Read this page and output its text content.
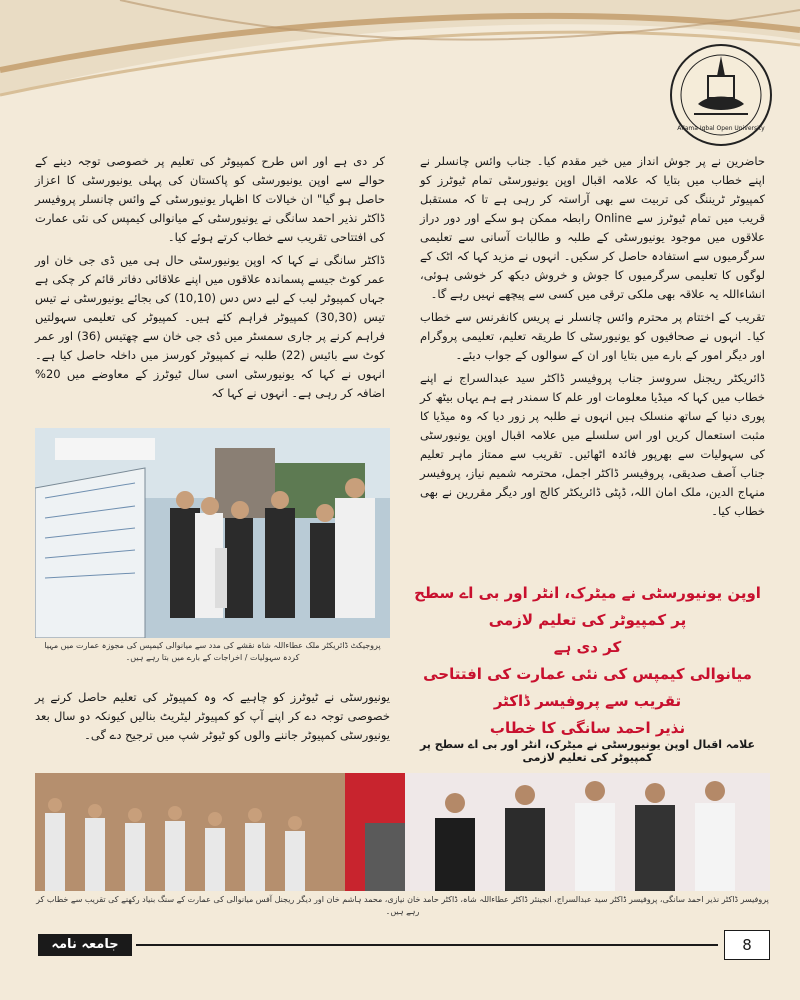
Allama Iqbal Open University

حاضرین نے پر جوش انداز میں خیر مقدم کیا۔ جناب وائس چانسلر نے اپنے خطاب میں بتایا کہ علامہ اقبال اوپن یونیورسٹی تمام ٹیوٹرز کو کمپیوٹر ٹریننگ کی تربیت سے بھی آراستہ کر رہی ہے تا کہ مستقبل قریب میں تمام ٹیوٹرز سے Online رابطہ ممکن ہو سکے اور دور دراز علاقوں میں موجود یونیورسٹی کے طلبہ و طالبات آسانی سے تعلیمی سرگرمیوں سے استفادہ حاصل کر سکیں۔ انہوں نے مزید کہا کہ اٹک کے لوگوں کا تعلیمی سرگرمیوں کا جوش و خروش دیکھ کر خوشی ہوئی، انشاءاللہ یہ علاقہ بھی ملکی ترقی میں کسی سے پیچھے نہیں رہے گا۔

تقریب کے اختتام پر محترم وائس چانسلر نے پریس کانفرنس سے خطاب کیا۔ انہوں نے صحافیوں کو یونیورسٹی کا طریقہ تعلیم، تعلیمی پروگرام اور دیگر امور کے بارے میں بتایا اور ان کے سوالوں کے جواب دیئے۔

ڈائریکٹر ریجنل سروسز جناب پروفیسر ڈاکٹر سید عبدالسراج نے اپنے خطاب میں کہا کہ میڈیا معلومات اور علم کا سمندر ہے ہم یہاں بیٹھ کر پوری دنیا کے ساتھ منسلک ہیں انہوں نے طلبہ پر زور دیا کہ وہ میڈیا کا مثبت استعمال کریں اور اس سلسلے میں علامہ اقبال اوپن یونیورسٹی کی سہولیات سے بھرپور فائدہ اٹھائیں۔ تقریب سے ممتاز ماہر تعلیم جناب آصف صدیقی، پروفیسر ڈاکٹر اجمل، محترمہ شمیم نیاز، پروفیسر منہاج الدین، ملک امان اللہ، ڈپٹی ڈائریکٹر کالج اور دیگر مقررین نے بھی خطاب کیا۔

کر دی ہے اور اس طرح کمپیوٹر کی تعلیم پر خصوصی توجہ دینے کے حوالے سے اوپن یونیورسٹی کو پاکستان کی پہلی یونیورسٹی کا اعزاز حاصل ہو گیا" ان خیالات کا اظہار یونیورسٹی کے وائس چانسلر پروفیسر ڈاکٹر نذیر احمد سانگی نے یونیورسٹی کے میانوالی کیمپس کی نئی عمارت کی افتتاحی تقریب سے خطاب کرتے ہوئے کیا۔

ڈاکٹر سانگی نے کہا کہ اوپن یونیورسٹی حال ہی میں ڈی جی خان اور عمر کوٹ جیسے پسماندہ علاقوں میں اپنے علاقائی دفاتر قائم کر چکی ہے جہاں کمپیوٹر لیب کے لیے دس دس (10,10) کی بجائے یونیورسٹی نے تیس تیس (30,30) کمپیوٹر فراہم کئے ہیں۔ کمپیوٹر کی تعلیمی سہولتیں فراہم کرنے پر جاری سمسٹر میں ڈی جی خان سے چھتیس (36) اور عمر کوٹ سے بائیس (22) طلبہ نے کمپیوٹر کورسز میں داخلہ حاصل کیا ہے۔ انہوں نے کہا کہ یونیورسٹی اسی سال ٹیوٹرز کے معاوضے میں 20% اضافہ کر رہی ہے۔ انہوں نے کہا کہ

پروجیکٹ ڈائریکٹر ملک عطاءاللہ شاہ نقشے کی مدد سے میانوالی کیمپس کی مجوزہ عمارت میں مہیا کردہ سہولیات / اخراجات کے بارے میں بتا رہے ہیں۔
یونیورسٹی نے ٹیوٹرز کو چاہیے کہ وہ کمپیوٹر کی تعلیم حاصل کرنے پر خصوصی توجہ دے کر اپنے آپ کو کمپیوٹر لیٹریٹ بنالیں کیونکہ دو سال بعد یونیورسٹی کمپیوٹر جاننے والوں کو ٹیوٹر شپ میں ترجیح دے گی۔
اوپن یونیورسٹی نے میٹرک، انٹر اور بی اے سطح پر کمپیوٹر کی تعلیم لازمی
کر دی ہے
میانوالی کیمپس کی نئی عمارت کی افتتاحی تقریب سے پروفیسر ڈاکٹر
نذیر احمد سانگی کا خطاب
علامہ اقبال اوپن یونیورسٹی نے میٹرک، انٹر اور بی اے سطح پر کمپیوٹر کی تعلیم لازمی
پروفیسر ڈاکٹر نذیر احمد سانگی، پروفیسر ڈاکٹر سید عبدالسراج، انجینئر ڈاکٹر عطاءاللہ شاہ، ڈاکٹر حامد خان نیازی، محمد ہاشم خان اور دیگر ریجنل آفس میانوالی کی عمارت کے سنگ بنیاد رکھنے کی تقریب سے خطاب کر رہے ہیں۔
جامعہ نامہ	8
